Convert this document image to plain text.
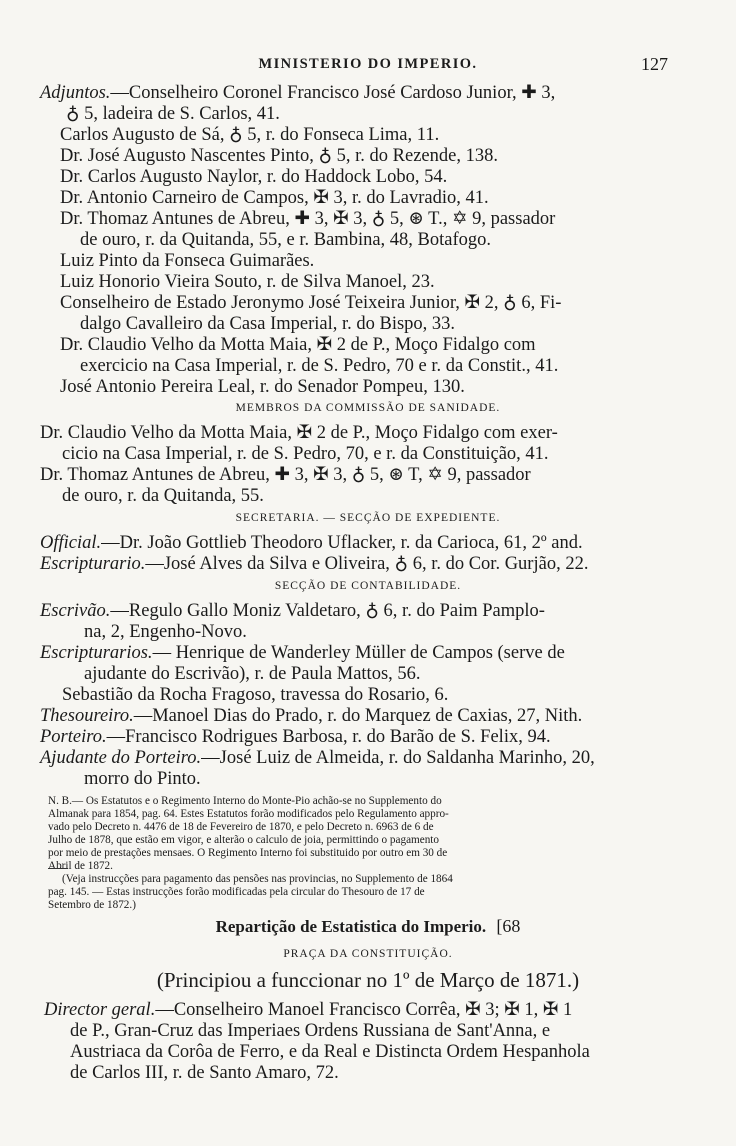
MINISTERIO DO IMPERIO.	127
Adjuntos.—Conselheiro Coronel Francisco José Cardoso Junior, ✚ 3,
♁ 5, ladeira de S. Carlos, 41.
Carlos Augusto de Sá, ♁ 5, r. do Fonseca Lima, 11.
Dr. José Augusto Nascentes Pinto, ♁ 5, r. do Rezende, 138.
Dr. Carlos Augusto Naylor, r. do Haddock Lobo, 54.
Dr. Antonio Carneiro de Campos, ✠ 3, r. do Lavradio, 41.
Dr. Thomaz Antunes de Abreu, ✚ 3, ✠ 3, ♁ 5, ⊛ T., ✡ 9, passador
de ouro, r. da Quitanda, 55, e r. Bambina, 48, Botafogo.
Luiz Pinto da Fonseca Guimarães.
Luiz Honorio Vieira Souto, r. de Silva Manoel, 23.
Conselheiro de Estado Jeronymo José Teixeira Junior, ✠ 2, ♁ 6, Fi-
dalgo Cavalleiro da Casa Imperial, r. do Bispo, 33.
Dr. Claudio Velho da Motta Maia, ✠ 2 de P., Moço Fidalgo com
exercicio na Casa Imperial, r. de S. Pedro, 70 e r. da Constit., 41.
José Antonio Pereira Leal, r. do Senador Pompeu, 130.
MEMBROS DA COMMISSÃO DE SANIDADE.
Dr. Claudio Velho da Motta Maia, ✠ 2 de P., Moço Fidalgo com exer-
cicio na Casa Imperial, r. de S. Pedro, 70, e r. da Constituição, 41.
Dr. Thomaz Antunes de Abreu, ✚ 3, ✠ 3, ♁ 5, ⊛ T, ✡ 9, passador
de ouro, r. da Quitanda, 55.
SECRETARIA. — SECÇÃO DE EXPEDIENTE.
Official.—Dr. João Gottlieb Theodoro Uflacker, r. da Carioca, 61, 2º and.
Escripturario.—José Alves da Silva e Oliveira, ♁ 6, r. do Cor. Gurjão, 22.
SECÇÃO DE CONTABILIDADE.
Escrivão.—Regulo Gallo Moniz Valdetaro, ♁ 6, r. do Paim Pamplo-
na, 2, Engenho-Novo.
Escripturarios.— Henrique de Wanderley Müller de Campos (serve de
ajudante do Escrivão), r. de Paula Mattos, 56.
Sebastião da Rocha Fragoso, travessa do Rosario, 6.
Thesoureiro.—Manoel Dias do Prado, r. do Marquez de Caxias, 27, Nith.
Porteiro.—Francisco Rodrigues Barbosa, r. do Barão de S. Felix, 94.
Ajudante do Porteiro.—José Luiz de Almeida, r. do Saldanha Marinho, 20,
morro do Pinto.
N. B.— Os Estatutos e o Regimento Interno do Monte-Pio achão-se no Supplemento do
Almanak para 1854, pag. 64. Estes Estatutos forão modificados pelo Regulamento appro-
vado pelo Decreto n. 4476 de 18 de Fevereiro de 1870, e pelo Decreto n. 6963 de 6 de
Julho de 1878, que estão em vigor, e alterão o calculo de joia, permittindo o pagamento
por meio de prestações mensaes. O Regimento Interno foi substituido por outro em 30 de
Abril de 1872.
(Veja instrucções para pagamento das pensões nas provincias, no Supplemento de 1864
pag. 145. — Estas instrucções forão modificadas pela circular do Thesouro de 17 de
Setembro de 1872.)
Repartição de Estatistica do Imperio. [68
PRAÇA DA CONSTITUIÇÃO.
(Principiou a funccionar no 1º de Março de 1871.)
Director geral.—Conselheiro Manoel Francisco Corrêa, ✠ 3; ✠ 1, ✠ 1
de P., Gran-Cruz das Imperiaes Ordens Russiana de Sant'Anna, e
Austriaca da Corôa de Ferro, e da Real e Distincta Ordem Hespanhola
de Carlos III, r. de Santo Amaro, 72.
